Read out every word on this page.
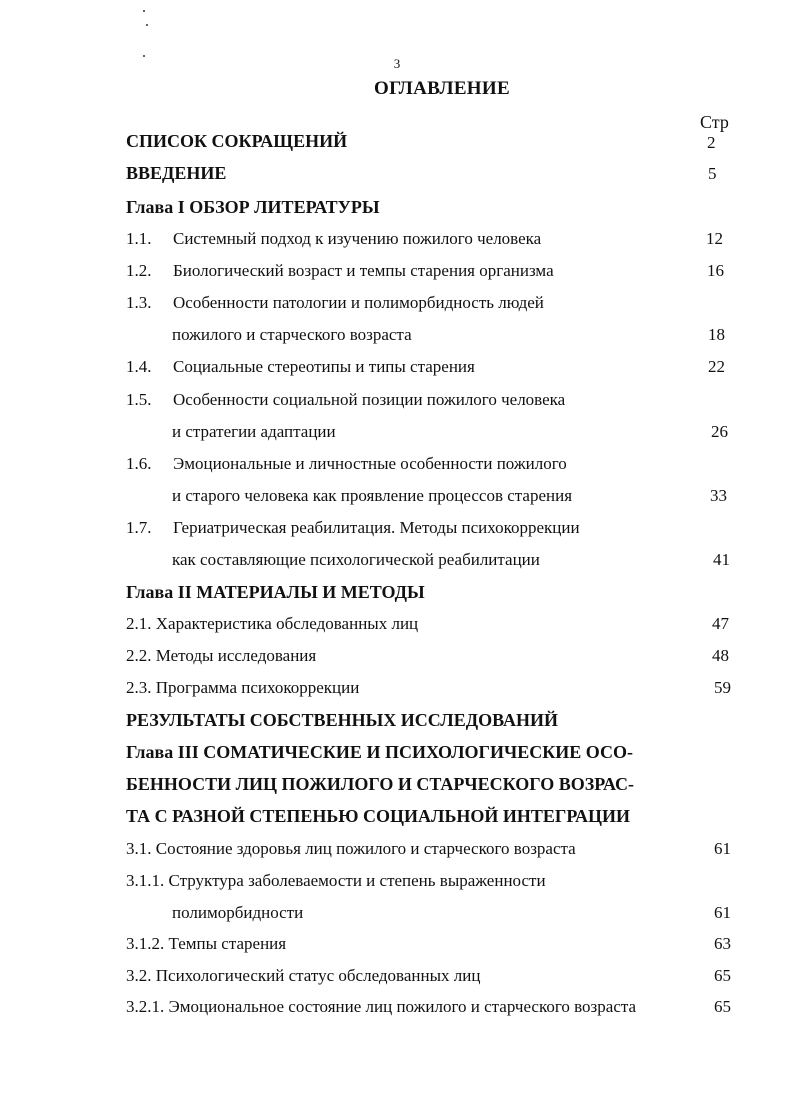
3
ОГЛАВЛЕНИЕ
Стр
СПИСОК СОКРАЩЕНИЙ	2
ВВЕДЕНИЕ	5
Глава I ОБЗОР ЛИТЕРАТУРЫ
1.1. Системный подход к изучению пожилого человека	12
1.2. Биологический возраст и темпы старения организма	16
1.3. Особенности патологии и полиморбидность людей
пожилого и старческого возраста	18
1.4. Социальные стереотипы и типы старения	22
1.5. Особенности социальной позиции пожилого человека
и стратегии адаптации	26
1.6. Эмоциональные и личностные особенности пожилого
и старого человека как проявление процессов старения	33
1.7. Гериатрическая реабилитация. Методы психокоррекции
как составляющие психологической реабилитации	41
Глава II МАТЕРИАЛЫ И МЕТОДЫ
2.1. Характеристика обследованных лиц	47
2.2. Методы исследования	48
2.3. Программа психокоррекции	59
РЕЗУЛЬТАТЫ СОБСТВЕННЫХ ИССЛЕДОВАНИЙ
Глава III СОМАТИЧЕСКИЕ И ПСИХОЛОГИЧЕСКИЕ ОСО-
БЕННОСТИ ЛИЦ ПОЖИЛОГО И СТАРЧЕСКОГО ВОЗРАС-
ТА С РАЗНОЙ СТЕПЕНЬЮ СОЦИАЛЬНОЙ ИНТЕГРАЦИИ
3.1. Состояние здоровья лиц пожилого и старческого возраста	61
3.1.1. Структура заболеваемости и степень выраженности
полиморбидности	61
3.1.2. Темпы старения	63
3.2. Психологический статус обследованных лиц	65
3.2.1. Эмоциональное состояние лиц пожилого и старческого возраста	65
